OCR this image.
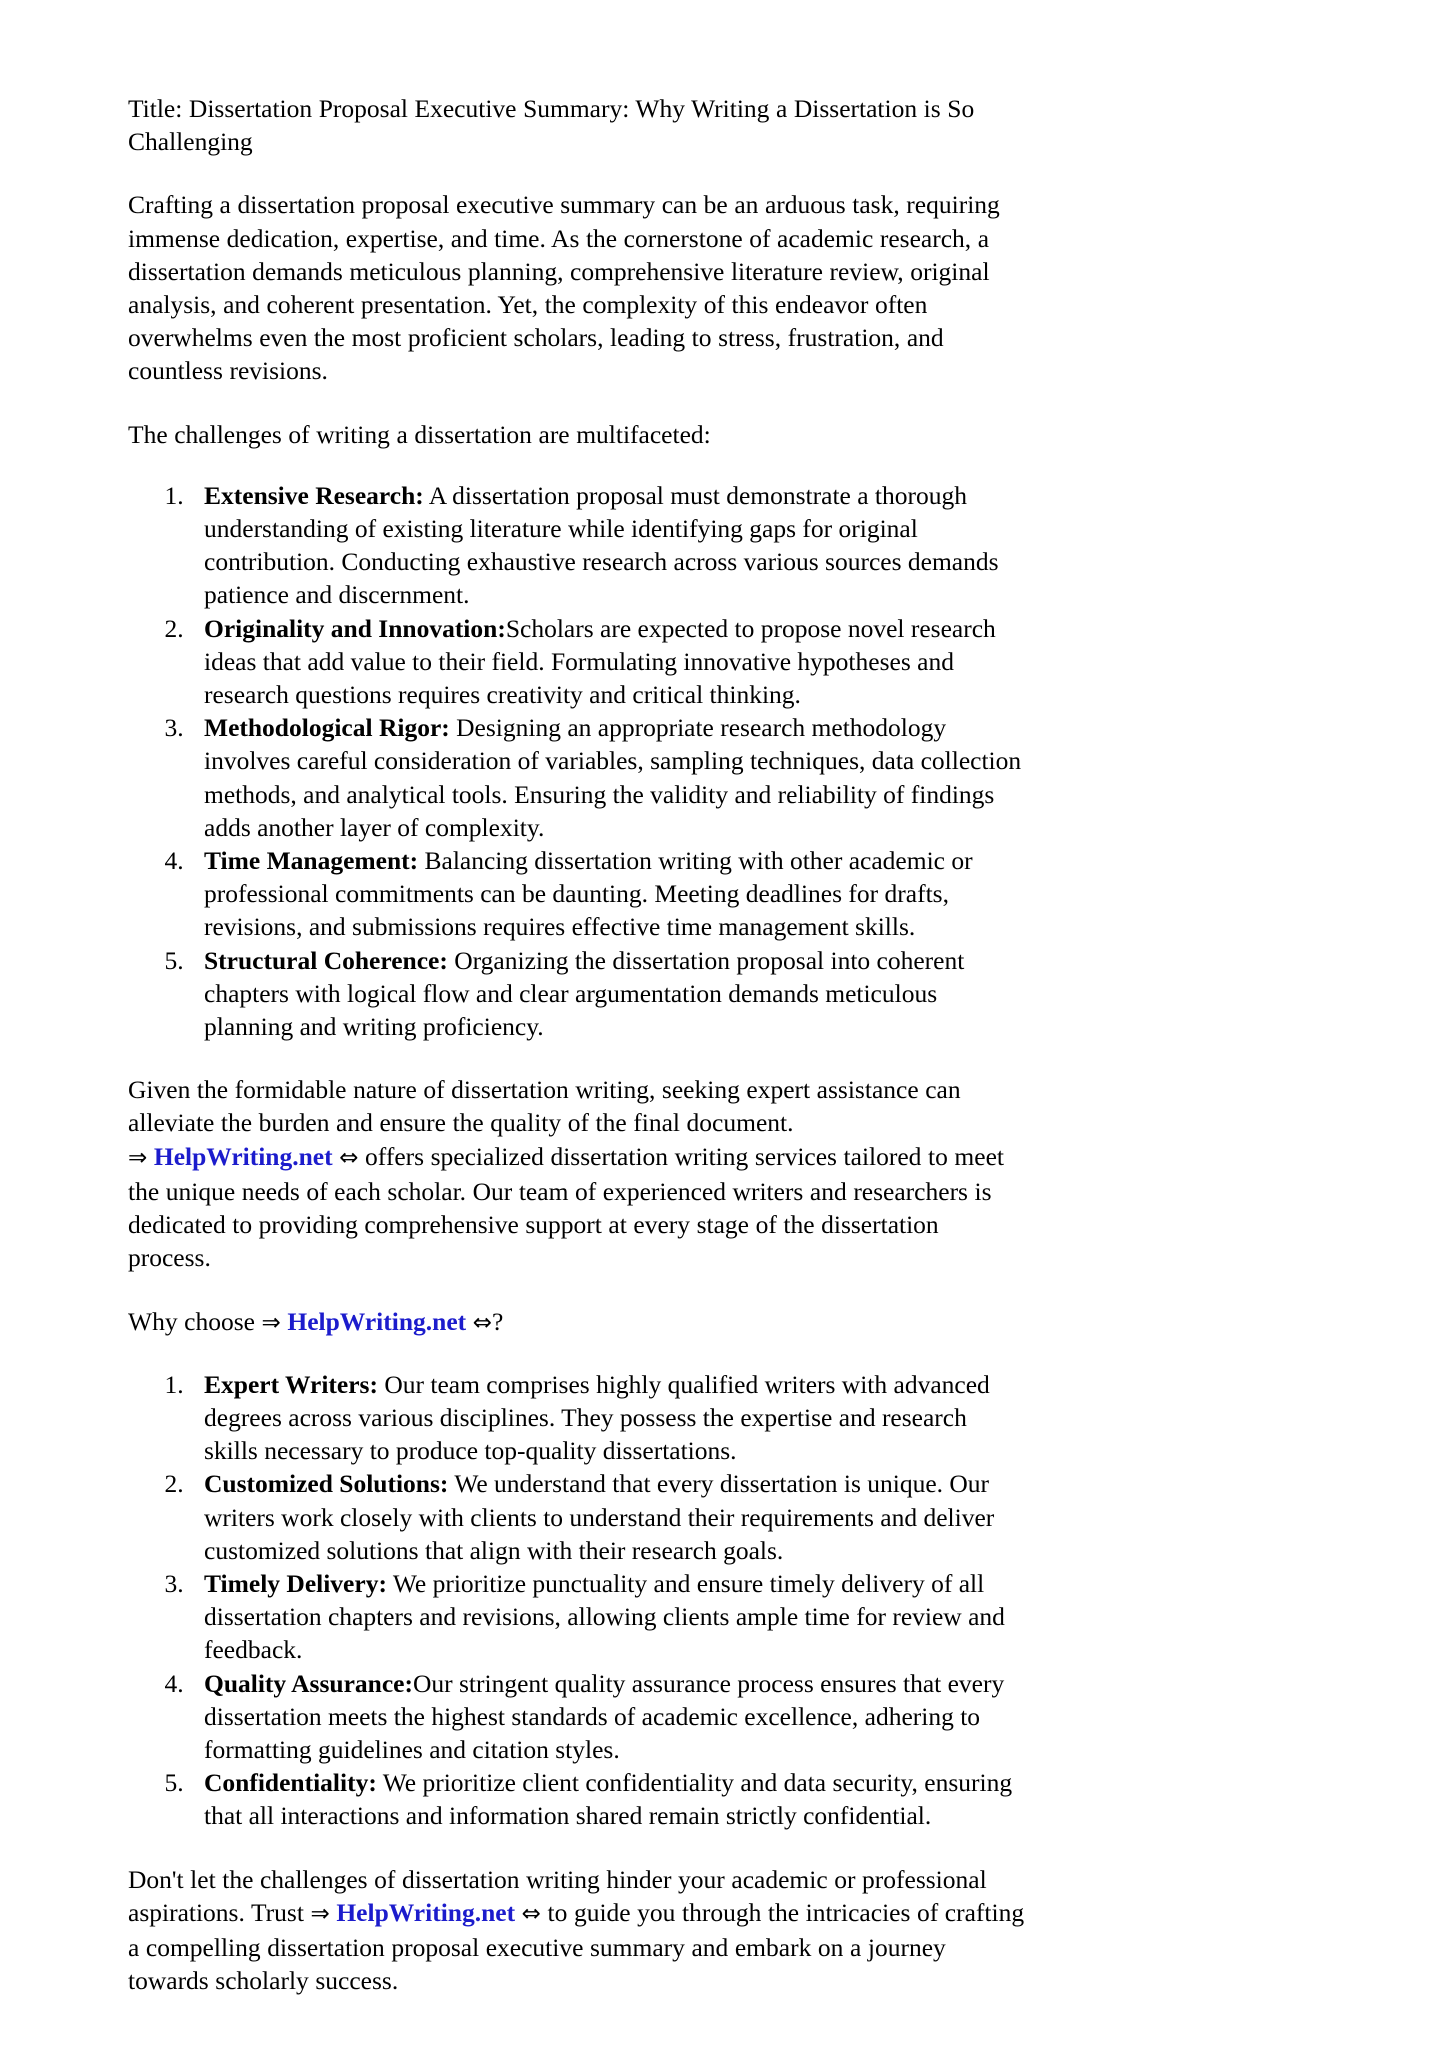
Title: Dissertation Proposal Executive Summary: Why Writing a Dissertation is So Challenging
Crafting a dissertation proposal executive summary can be an arduous task, requiring immense dedication, expertise, and time. As the cornerstone of academic research, a dissertation demands meticulous planning, comprehensive literature review, original analysis, and coherent presentation. Yet, the complexity of this endeavor often overwhelms even the most proficient scholars, leading to stress, frustration, and countless revisions.
The challenges of writing a dissertation are multifaceted:
1. Extensive Research: A dissertation proposal must demonstrate a thorough understanding of existing literature while identifying gaps for original contribution. Conducting exhaustive research across various sources demands patience and discernment.
2. Originality and Innovation:Scholars are expected to propose novel research ideas that add value to their field. Formulating innovative hypotheses and research questions requires creativity and critical thinking.
3. Methodological Rigor: Designing an appropriate research methodology involves careful consideration of variables, sampling techniques, data collection methods, and analytical tools. Ensuring the validity and reliability of findings adds another layer of complexity.
4. Time Management: Balancing dissertation writing with other academic or professional commitments can be daunting. Meeting deadlines for drafts, revisions, and submissions requires effective time management skills.
5. Structural Coherence: Organizing the dissertation proposal into coherent chapters with logical flow and clear argumentation demands meticulous planning and writing proficiency.
Given the formidable nature of dissertation writing, seeking expert assistance can alleviate the burden and ensure the quality of the final document. ⇒ HelpWriting.net ⇔ offers specialized dissertation writing services tailored to meet the unique needs of each scholar. Our team of experienced writers and researchers is dedicated to providing comprehensive support at every stage of the dissertation process.
Why choose ⇒ HelpWriting.net ⇔?
1. Expert Writers: Our team comprises highly qualified writers with advanced degrees across various disciplines. They possess the expertise and research skills necessary to produce top-quality dissertations.
2. Customized Solutions: We understand that every dissertation is unique. Our writers work closely with clients to understand their requirements and deliver customized solutions that align with their research goals.
3. Timely Delivery: We prioritize punctuality and ensure timely delivery of all dissertation chapters and revisions, allowing clients ample time for review and feedback.
4. Quality Assurance:Our stringent quality assurance process ensures that every dissertation meets the highest standards of academic excellence, adhering to formatting guidelines and citation styles.
5. Confidentiality: We prioritize client confidentiality and data security, ensuring that all interactions and information shared remain strictly confidential.
Don't let the challenges of dissertation writing hinder your academic or professional aspirations. Trust ⇒ HelpWriting.net ⇔ to guide you through the intricacies of crafting a compelling dissertation proposal executive summary and embark on a journey towards scholarly success.
